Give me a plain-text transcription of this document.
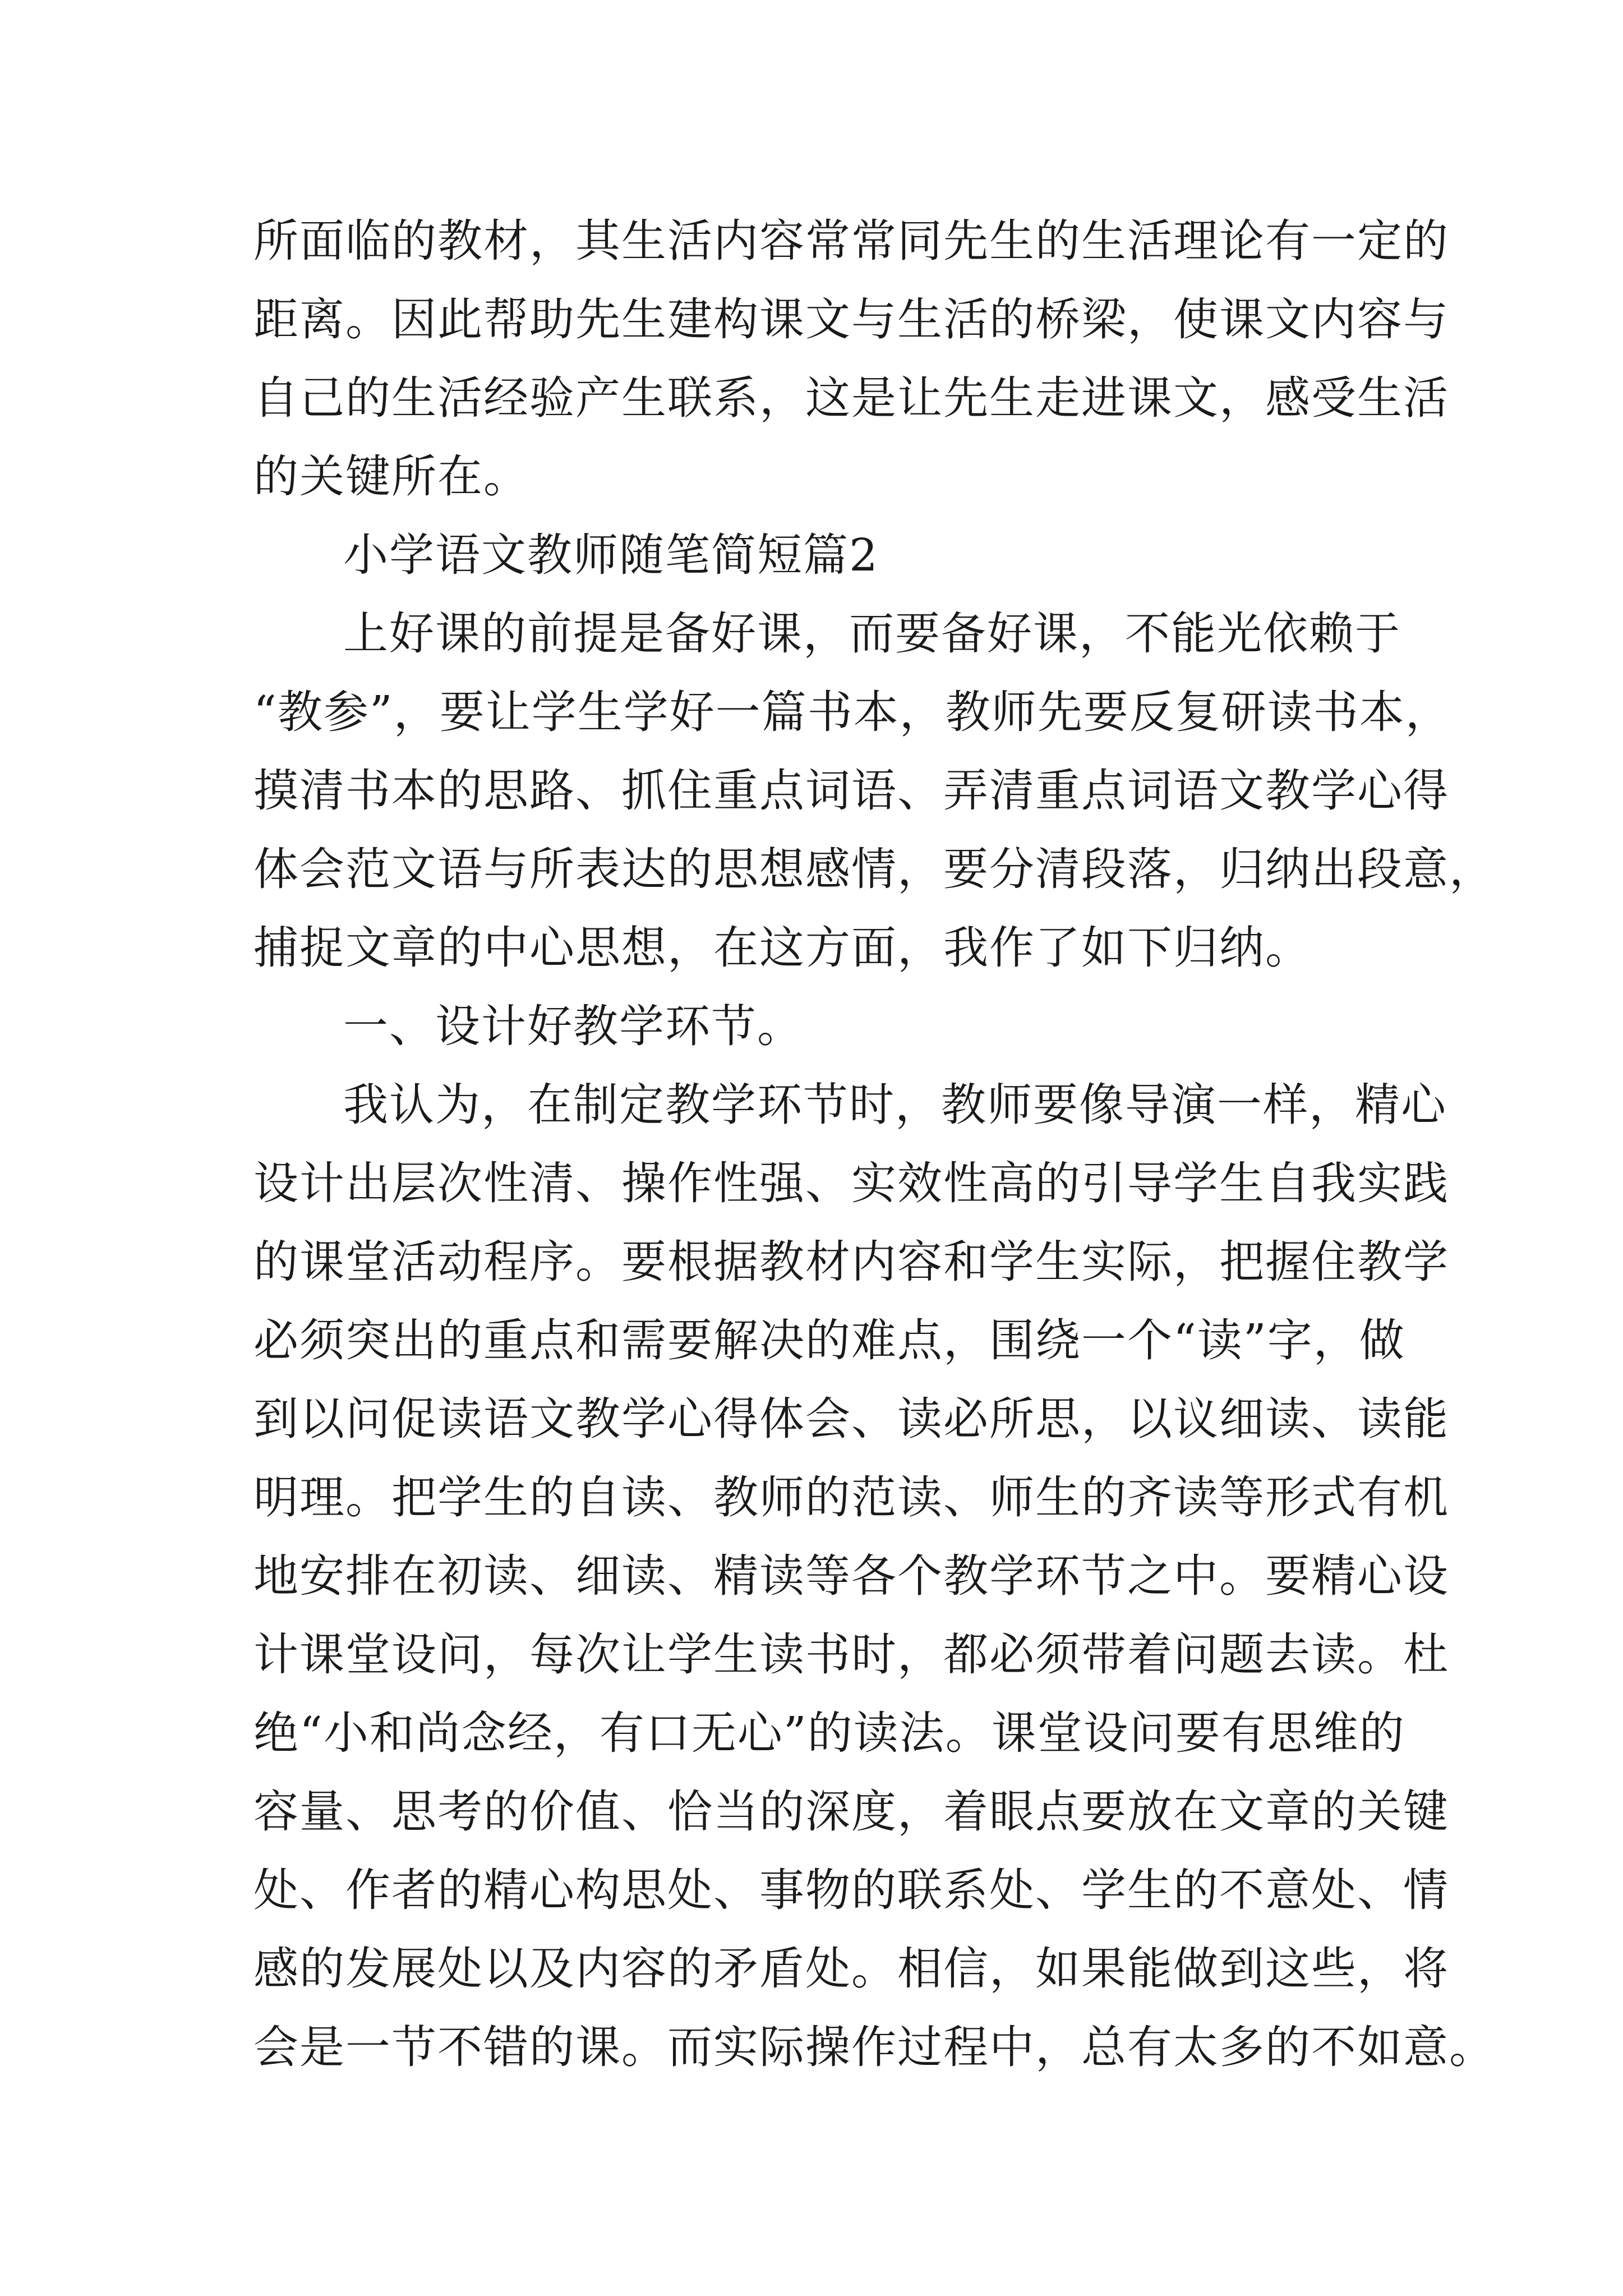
所面临的教材，其生活内容常常同先生的生活理论有一定的
距离。因此帮助先生建构课文与生活的桥梁，使课文内容与
自己的生活经验产生联系，这是让先生走进课文，感受生活
的关键所在。
小学语文教师随笔简短篇2
上好课的前提是备好课，而要备好课，不能光依赖于
“教参”，要让学生学好一篇书本，教师先要反复研读书本，
摸清书本的思路、抓住重点词语、弄清重点词语文教学心得
体会范文语与所表达的思想感情，要分清段落，归纳出段意，
捕捉文章的中心思想，在这方面，我作了如下归纳。
一、设计好教学环节。
我认为，在制定教学环节时，教师要像导演一样，精心
设计出层次性清、操作性强、实效性高的引导学生自我实践
的课堂活动程序。要根据教材内容和学生实际，把握住教学
必须突出的重点和需要解决的难点，围绕一个“读”字，做
到以问促读语文教学心得体会、读必所思，以议细读、读能
明理。把学生的自读、教师的范读、师生的齐读等形式有机
地安排在初读、细读、精读等各个教学环节之中。要精心设
计课堂设问，每次让学生读书时，都必须带着问题去读。杜
绝“小和尚念经，有口无心”的读法。课堂设问要有思维的
容量、思考的价值、恰当的深度，着眼点要放在文章的关键
处、作者的精心构思处、事物的联系处、学生的不意处、情
感的发展处以及内容的矛盾处。相信，如果能做到这些，将
会是一节不错的课。而实际操作过程中，总有太多的不如意。
